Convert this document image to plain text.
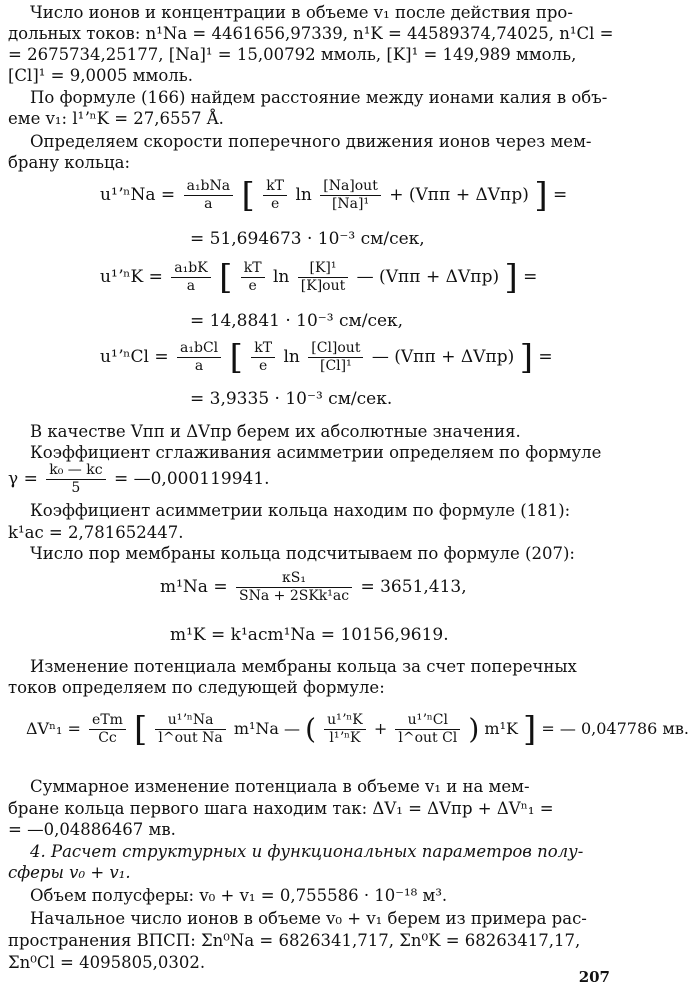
Число ионов и концентрации в объеме v₁ после действия про-
дольных токов: n¹Na = 4461656,97339, n¹K = 44589374,74025, n¹Cl =
= 2675734,25177, [Na]¹ = 15,00792 ммоль, [K]¹ = 149,989 ммоль,
[Cl]¹ = 9,0005 ммоль.
По формуле (166) найдем расстояние между ионами калия в объ-
еме v₁: l¹ʼⁿK = 27,6557 Å.
Определяем скорости поперечного движения ионов через мем-
брану кольца:
u¹ʼⁿNa = $\frac{\text{a₁bNa}}{a}$ [ $\frac{kT}{e}$ $\ln \frac{\text{[Na]out}}{\text{[Na]¹}} + (Vпп + \Delta Vпр)$ ] =
= 51,694673 · 10⁻³ см/сек,
u¹ʼⁿK = $\frac{\text{a₁bK}}{a}$ [ $\frac{kT}{e}$ $\ln \frac{\text{[K]¹}}{\text{[K]out}}$ — (Vпп + ΔVпр) ] =
= 14,8841 · 10⁻³ см/сек,
u¹ʼⁿCl = $\frac{\text{a₁bCl}}{a}$ [ $\frac{kT}{e}$ $\ln \frac{\text{[Cl]out}}{\text{[Cl]¹}}$ — (Vпп + ΔVпр) ] =
= 3,9335 · 10⁻³ см/сек.
В качестве Vпп и ΔVпр берем их абсолютные значения.
Коэффициент сглаживания асимметрии определяем по формуле
$\gamma = \frac{\text{k₀ — kc}}{5}$ = —0,000119941.
Коэффициент асимметрии кольца находим по формуле (181):
k¹ac = 2,781652447.
Число пор мембраны кольца подсчитываем по формуле (207):
$m^1Na = \frac{\text{κS₁}}{\text{SNa + 2SKk¹ac}} = 3651,413$,
m¹K = k¹acm¹Na = 10156,9619.
Изменение потенциала мембраны кольца за счет поперечных
токов определяем по следующей формуле:
$\Delta V^n_1 = \frac{\text{eTm}}{Cc}$ [ $\frac{\text{u¹ʼⁿNa}}{\text{l\textasciicircum{}out Na}} m^1Na$ — ( $\frac{\text{u¹ʼⁿK}}{\text{l¹ʼⁿK}} + \frac{\text{u¹ʼⁿCl}}{\text{l\textasciicircum{}out Cl}}$ ) m¹K ] = — 0,047786 мв.
Суммарное изменение потенциала в объеме v₁ и на мем-
бране кольца первого шага находим так: ΔV₁ = ΔVпр + ΔVⁿ₁ =
= —0,04886467 мв.
4. Расчет структурных и функциональных параметров полу-
сферы v₀ + v₁.
Объем полусферы: v₀ + v₁ = 0,755586 · 10⁻¹⁸ м³.
Начальное число ионов в объеме v₀ + v₁ берем из примера рас-
пространения ВПСП: Σn⁰Na = 6826341,717, Σn⁰K = 68263417,17,
Σn⁰Cl = 4095805,0302.
207
